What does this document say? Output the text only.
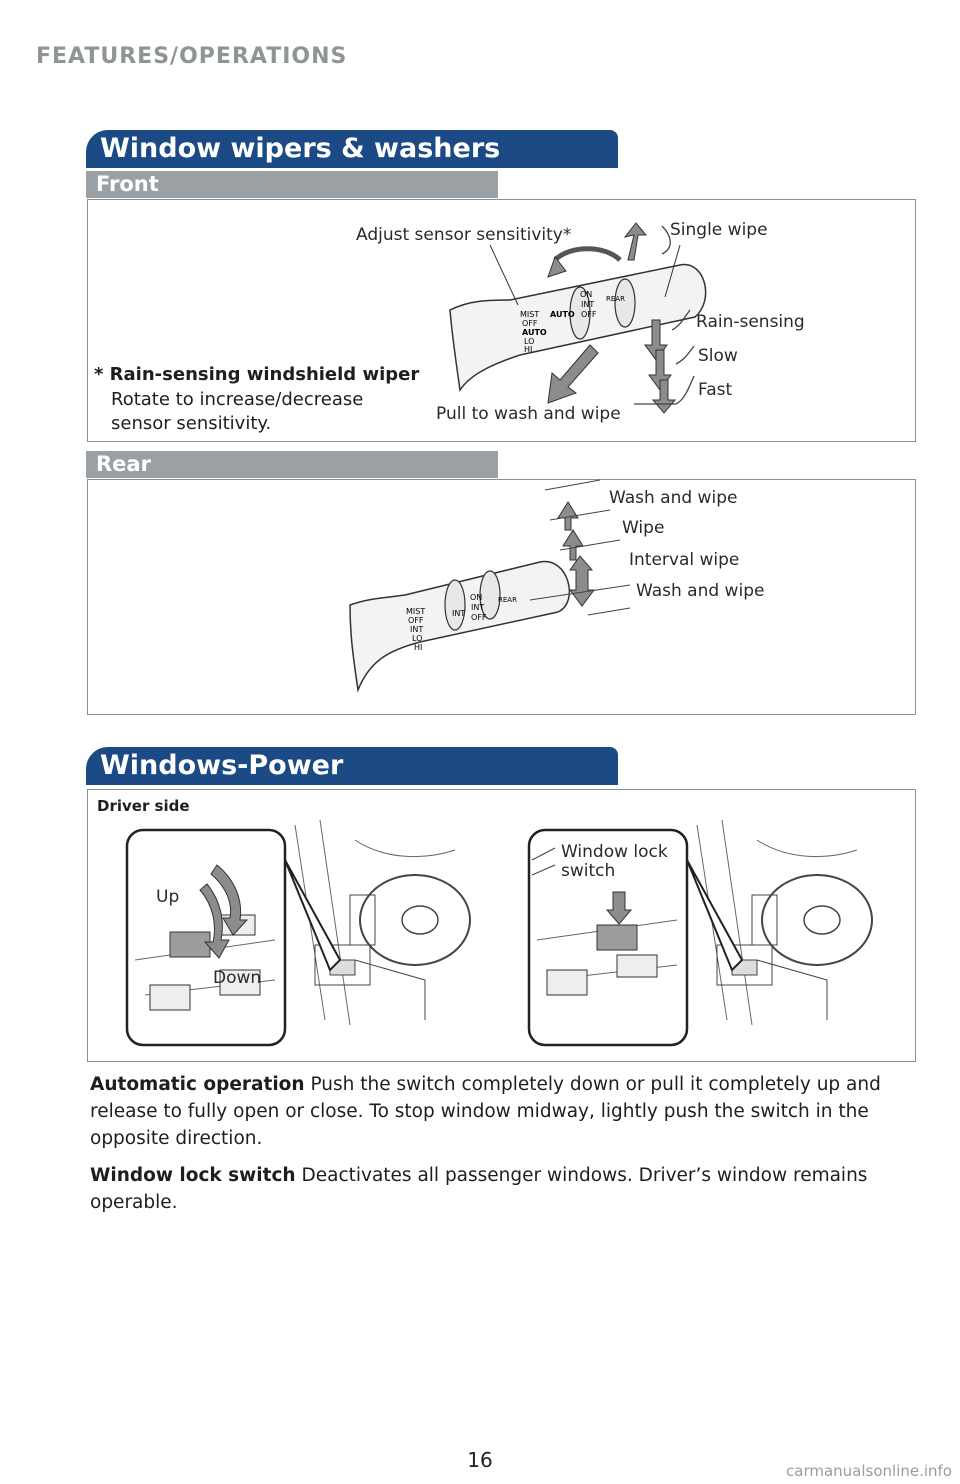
FEATURES/OPERATIONS
Window wipers & washers
Front
MIST
OFF
AUTO
LO
HI
AUTO
ON
INT
OFF
REAR
Adjust sensor sensitivity*	Single wipe
Rain-sensing
Slow
Fast
Pull to wash and wipe
* Rain-sensing windshield wiper
Rotate to increase/decrease
sensor sensitivity.
Rear
MIST
OFF
INT
LO
HI
INT
ON
INT
OFF
REAR
Wash and wipe
Wipe
Interval wipe
Wash and wipe
Windows-Power
Driver side
Up
Down
Window lock
switch
Automatic operation Push the switch completely down or pull it completely up and release to fully open or close. To stop window midway, lightly push the switch in the opposite direction.
Window lock switch Deactivates all passenger windows. Driver’s window remains operable.
16	carmanualsonline.info
